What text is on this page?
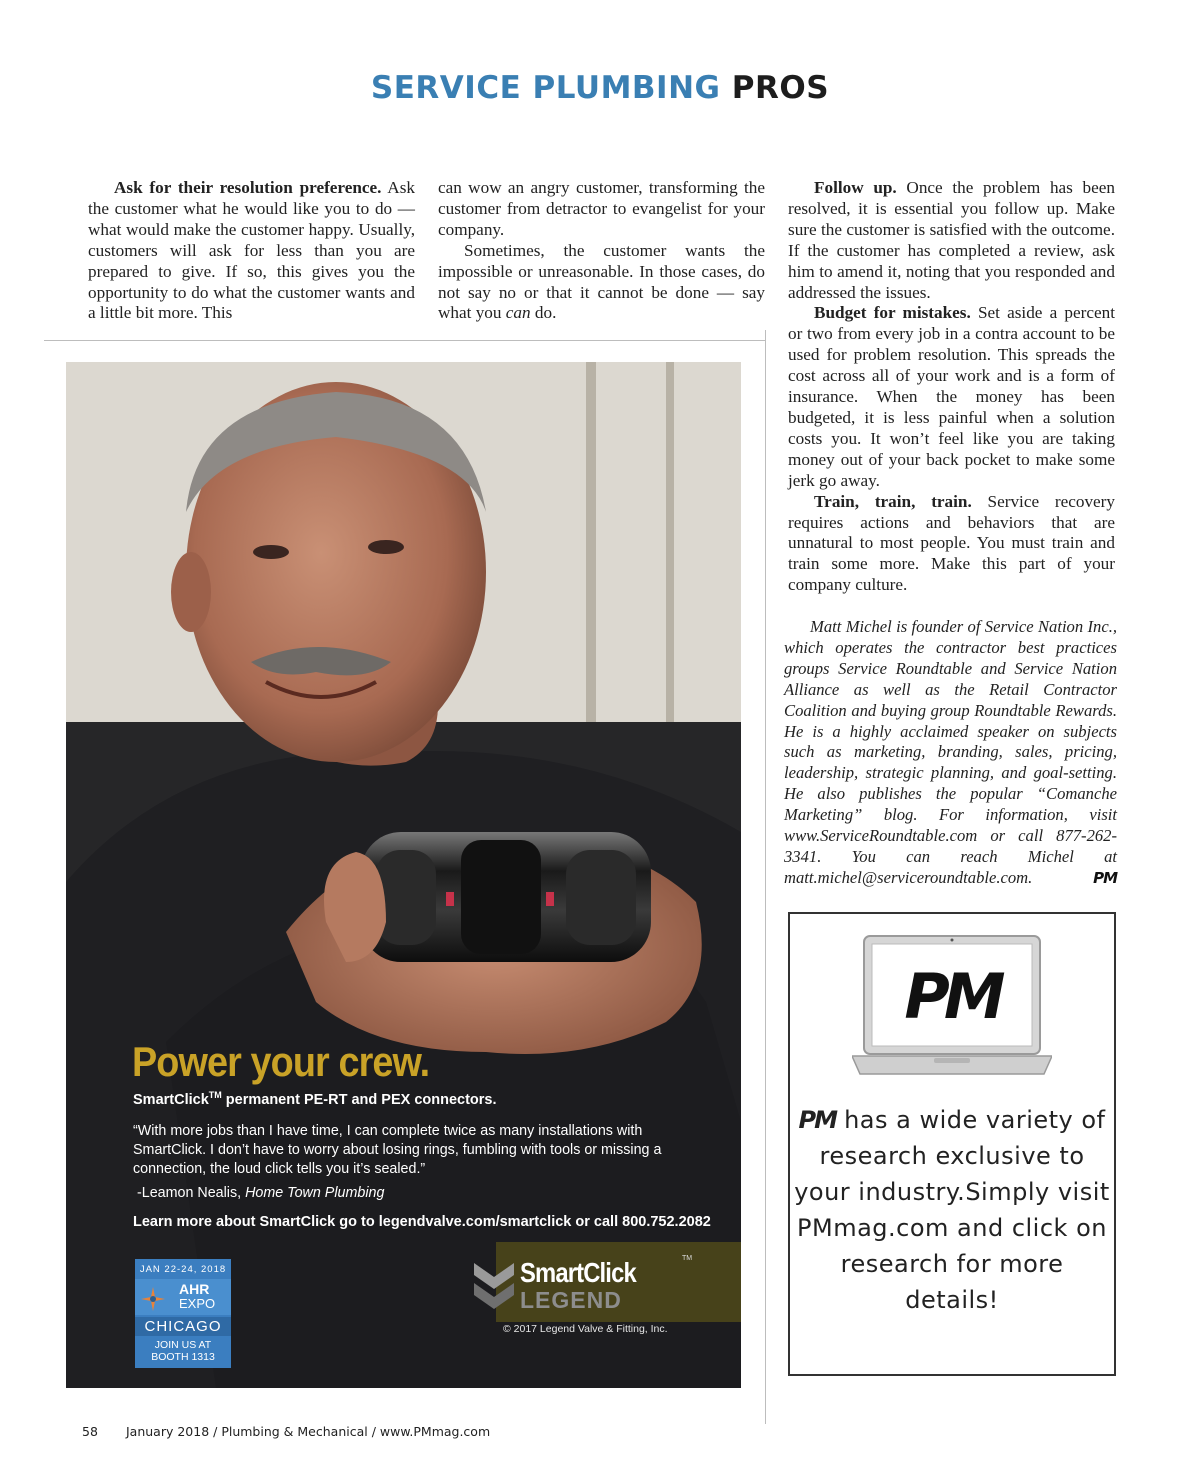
SERVICE PLUMBING PROS

Ask for their resolution preference. Ask the customer what he would like you to do — what would make the customer happy. Usually, customers will ask for less than you are prepared to give. If so, this gives you the opportunity to do what the customer wants and a little bit more. This

can wow an angry customer, transforming the customer from detractor to evangelist for your company.

Sometimes, the customer wants the impossible or unreasonable. In those cases, do not say no or that it cannot be done — say what you can do.

Follow up. Once the problem has been resolved, it is essential you follow up. Make sure the customer is satisfied with the outcome. If the customer has completed a review, ask him to amend it, noting that you responded and addressed the issues.

Budget for mistakes. Set aside a percent or two from every job in a contra account to be used for problem resolution. This spreads the cost across all of your work and is a form of insurance. When the money has been budgeted, it is less painful when a solution costs you. It won’t feel like you are taking money out of your back pocket to make some jerk go away.

Train, train, train. Service recovery requires actions and behaviors that are unnatural to most people. You must train and train some more. Make this part of your company culture.

Matt Michel is founder of Service Nation Inc., which operates the contractor best practices groups Service Roundtable and Service Nation Alliance as well as the Retail Contractor Coalition and buying group Roundtable Rewards. He is a highly acclaimed speaker on subjects such as marketing, branding, sales, pricing, leadership, strategic planning, and goal-setting. He also publishes the popular “Comanche Marketing” blog. For information, visit www.ServiceRoundtable.com or call 877-262-3341. You can reach Michel at matt.michel@serviceroundtable.com.	PM

Power your crew.
SmartClick™ permanent PE-RT and PEX connectors.
“With more jobs than I have time, I can complete twice as many installations with SmartClick. I don’t have to worry about losing rings, fumbling with tools or missing a connection, the loud click tells you it’s sealed.”
-Leamon Nealis, Home Town Plumbing
Learn more about SmartClick go to legendvalve.com/smartclick or call 800.752.2082
JAN 22-24, 2018
AHR
EXPO
CHICAGO
JOIN US AT
BOOTH 1313
SmartClick	TM
LEGEND
© 2017 Legend Valve & Fitting, Inc.
PM
PM has a wide variety of research exclusive to your industry.Simply visit PMmag.com and click on research for more details!
58 January 2018 / Plumbing & Mechanical / www.PMmag.com
